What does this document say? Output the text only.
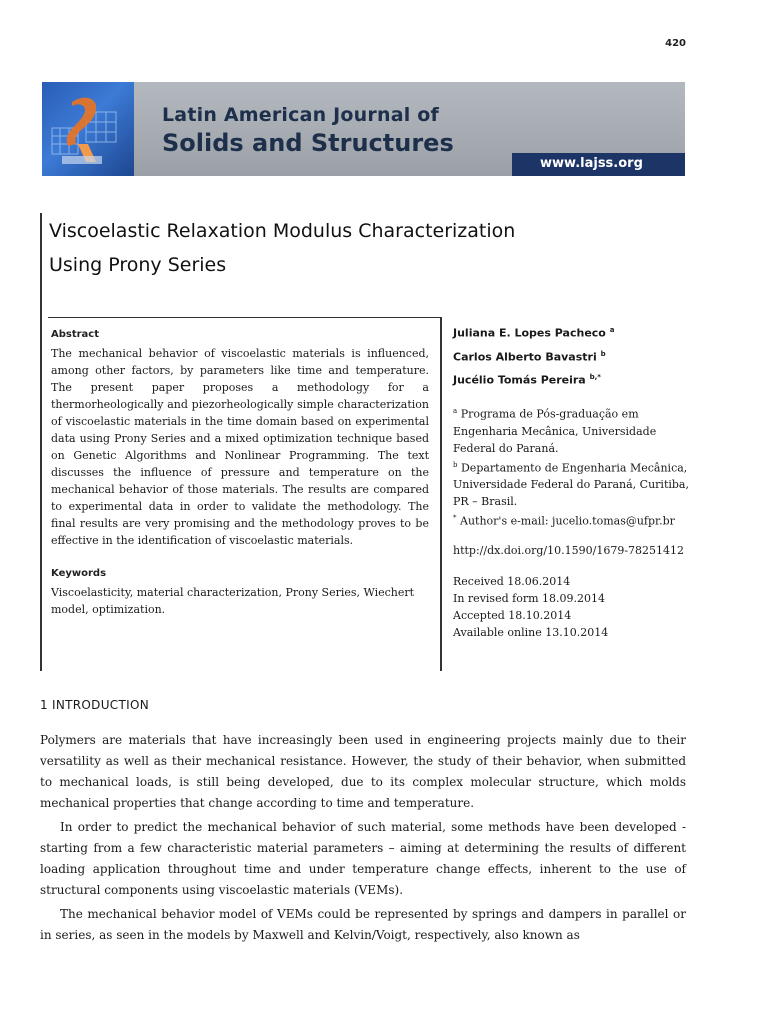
420
Latin American Journal of
Solids and Structures
www.lajss.org
Viscoelastic Relaxation Modulus Characterization
Using Prony Series
Abstract

The mechanical behavior of viscoelastic materials is influenced, among other factors, by parameters like time and temperature. The present paper proposes a methodology for a thermorheologically and piezorheologically simple characterization of viscoelastic materials in the time domain based on experimental data using Prony Series and a mixed optimization technique based on Genetic Algorithms and Nonlinear Programming. The text discusses the influence of pressure and temperature on the mechanical behavior of those materials. The results are compared to experimental data in order to validate the methodology. The final results are very promising and the methodology proves to be effective in the identification of viscoelastic materials.

Keywords

Viscoelasticity, material characterization, Prony Series, Wiechert model, optimization.

Juliana E. Lopes Pacheco $^a$
Carlos Alberto Bavastri $^b$
Jucélio Tomás Pereira $^{b,*}$

$^a$ Programa de Pós-graduação em Engenharia Mecânica, Universidade Federal do Paraná.

$^b$ Departamento de Engenharia Mecânica, Universidade Federal do Paraná, Curitiba, PR – Brasil.

* Author's e-mail: jucelio.tomas@ufpr.br

http://dx.doi.org/10.1590/1679-78251412
Received 18.06.2014
In revised form 18.09.2014
Accepted 18.10.2014
Available online 13.10.2014
1 INTRODUCTION

Polymers are materials that have increasingly been used in engineering projects mainly due to their versatility as well as their mechanical resistance. However, the study of their behavior, when submitted to mechanical loads, is still being developed, due to its complex molecular structure, which molds mechanical properties that change according to time and temperature.

In order to predict the mechanical behavior of such material, some methods have been developed - starting from a few characteristic material parameters – aiming at determining the results of different loading application throughout time and under temperature change effects, inherent to the use of structural components using viscoelastic materials (VEMs).

The mechanical behavior model of VEMs could be represented by springs and dampers in parallel or in series, as seen in the models by Maxwell and Kelvin/Voigt, respectively, also known as
